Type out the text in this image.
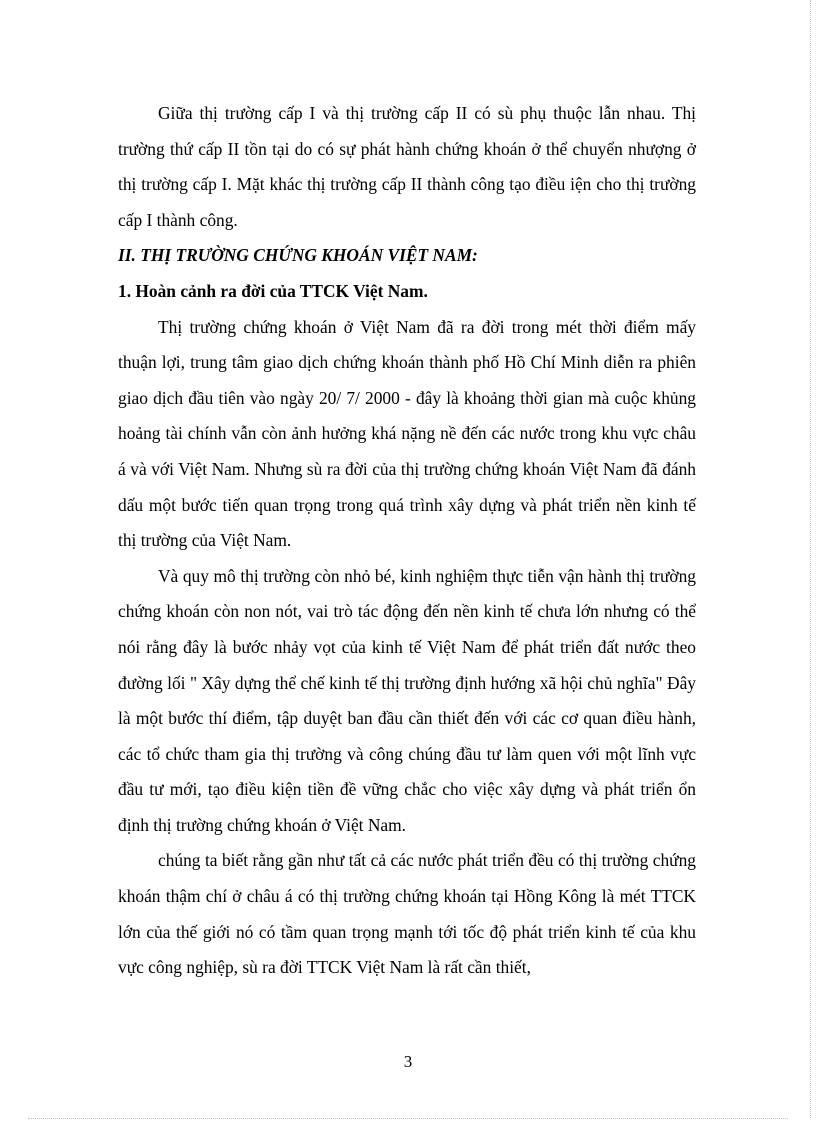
Giữa thị trường cấp I và thị trường cấp II có sù phụ thuộc lẫn nhau. Thị trường thứ cấp II tồn tại do có sự phát hành chứng khoán ở thể chuyển nhượng ở thị trường cấp I. Mặt khác thị trường cấp II thành công tạo điều iện cho thị trường cấp I thành công.

II. THỊ TRƯỜNG CHỨNG KHOÁN VIỆT NAM:

1. Hoàn cảnh ra đời của TTCK Việt Nam.

Thị trường chứng khoán ở Việt Nam đã ra đời trong mét thời điểm mấy thuận lợi, trung tâm giao dịch chứng khoán thành phố Hồ Chí Minh diễn ra phiên giao dịch đầu tiên vào ngày 20/ 7/ 2000 - đây là khoảng thời gian mà cuộc khủng hoảng tài chính vẫn còn ảnh hưởng khá nặng nề đến các nước trong khu vực châu á và với Việt Nam. Nhưng sù ra đời của thị trường chứng khoán Việt Nam đã đánh dấu một bước tiến quan trọng trong quá trình xây dựng và phát triển nền kinh tế thị trường của Việt Nam.

Và quy mô thị trường còn nhỏ bé, kinh nghiệm thực tiễn vận hành thị trường chứng khoán còn non nót, vai trò tác động đến nền kinh tế chưa lớn nhưng có thể nói rằng đây là bước nhảy vọt của kinh tế Việt Nam để phát triển đất nước theo đường lối " Xây dựng thể chế kinh tế thị trường định hướng xã hội chủ nghĩa" Đây là một bước thí điểm, tập duyệt ban đầu cần thiết đến với các cơ quan điều hành, các tổ chức tham gia thị trường và công chúng đầu tư làm quen với một lĩnh vực đầu tư mới, tạo điều kiện tiền đề vững chắc cho việc xây dựng và phát triển ổn định thị trường chứng khoán ở Việt Nam.

chúng ta biết rằng gần như tất cả các nước phát triển đều có thị trường chứng khoán thậm chí ở châu á có thị trường chứng khoán tại Hồng Kông là mét TTCK lớn của thế giới nó có tầm quan trọng mạnh tới tốc độ phát triển kinh tế của khu vực công nghiệp, sù ra đời TTCK Việt Nam là rất cần thiết,

3
